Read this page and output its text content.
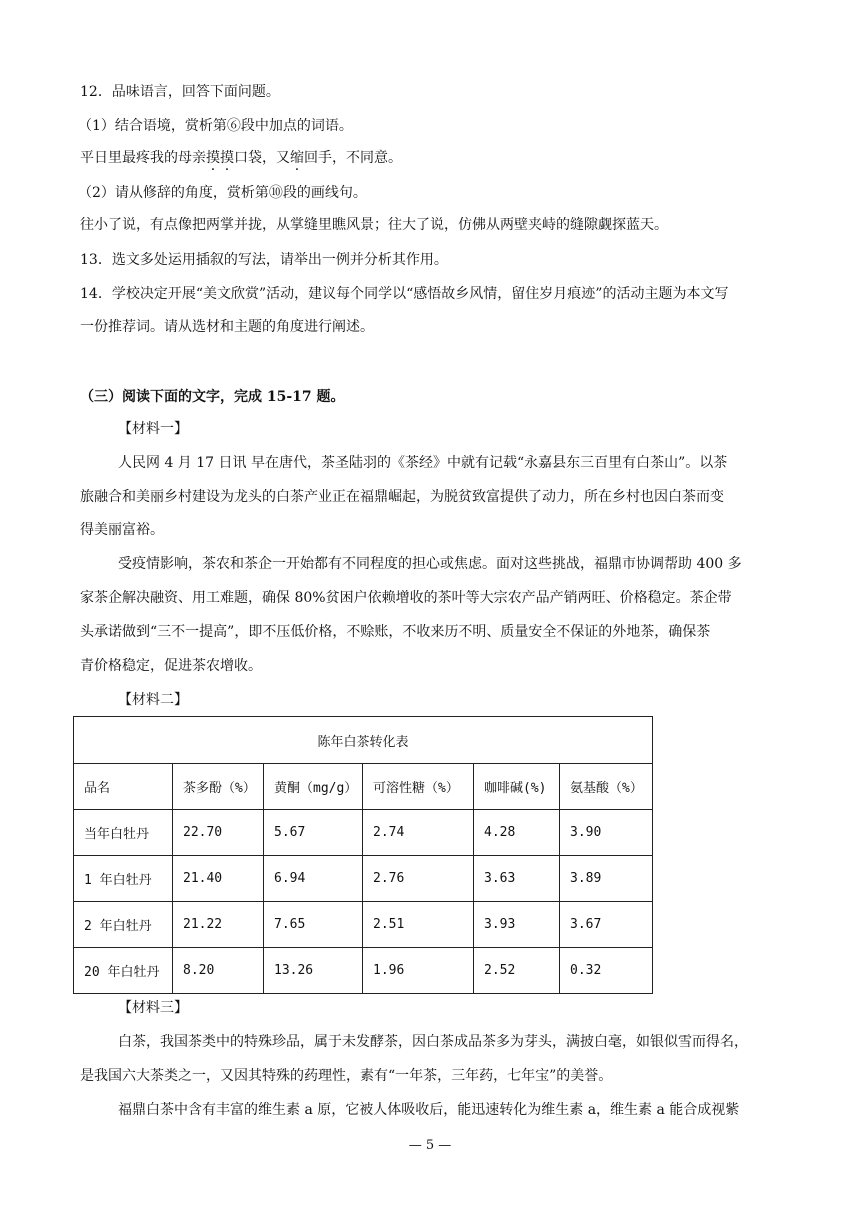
12．品味语言，回答下面问题。
（1）结合语境，赏析第⑥段中加点的词语。
平日里最疼我的母亲摸摸口袋，又缩回手，不同意。
（2）请从修辞的角度，赏析第⑩段的画线句。
往小了说，有点像把两掌并拢，从掌缝里瞧风景；往大了说，仿佛从两壁夹峙的缝隙觑探蓝天。
13．选文多处运用插叙的写法，请举出一例并分析其作用。
14．学校决定开展“美文欣赏”活动，建议每个同学以“感悟故乡风情，留住岁月痕迹”的活动主题为本文写
一份推荐词。请从选材和主题的角度进行阐述。
（三）阅读下面的文字，完成 15-17 题。
【材料一】
人民网 4 月 17 日讯 早在唐代，茶圣陆羽的《茶经》中就有记载“永嘉县东三百里有白茶山”。以茶
旅融合和美丽乡村建设为龙头的白茶产业正在福鼎崛起，为脱贫致富提供了动力，所在乡村也因白茶而变
得美丽富裕。
受疫情影响，茶农和茶企一开始都有不同程度的担心或焦虑。面对这些挑战，福鼎市协调帮助 400 多
家茶企解决融资、用工难题，确保 80%贫困户依赖增收的茶叶等大宗农产品产销两旺、价格稳定。茶企带
头承诺做到“三不一提高”，即不压低价格，不赊账，不收来历不明、质量安全不保证的外地茶，确保茶
青价格稳定，促进茶农增收。
【材料二】
陈年白茶转化表					
品名	茶多酚（%）	黄酮（mg/g）	可溶性糖（%）	咖啡碱(%)	氨基酸（%）
当年白牡丹	22.70	5.67	2.74	4.28	3.90
1 年白牡丹	21.40	6.94	2.76	3.63	3.89
2 年白牡丹	21.22	7.65	2.51	3.93	3.67
20 年白牡丹	8.20	13.26	1.96	2.52	0.32
【材料三】
白茶，我国茶类中的特殊珍品，属于未发酵茶，因白茶成品茶多为芽头，满披白毫，如银似雪而得名，
是我国六大茶类之一，又因其特殊的药理性，素有“一年茶，三年药，七年宝”的美誉。
福鼎白茶中含有丰富的维生素 a 原，它被人体吸收后，能迅速转化为维生素 a，维生素 a 能合成视紫
— 5 —
